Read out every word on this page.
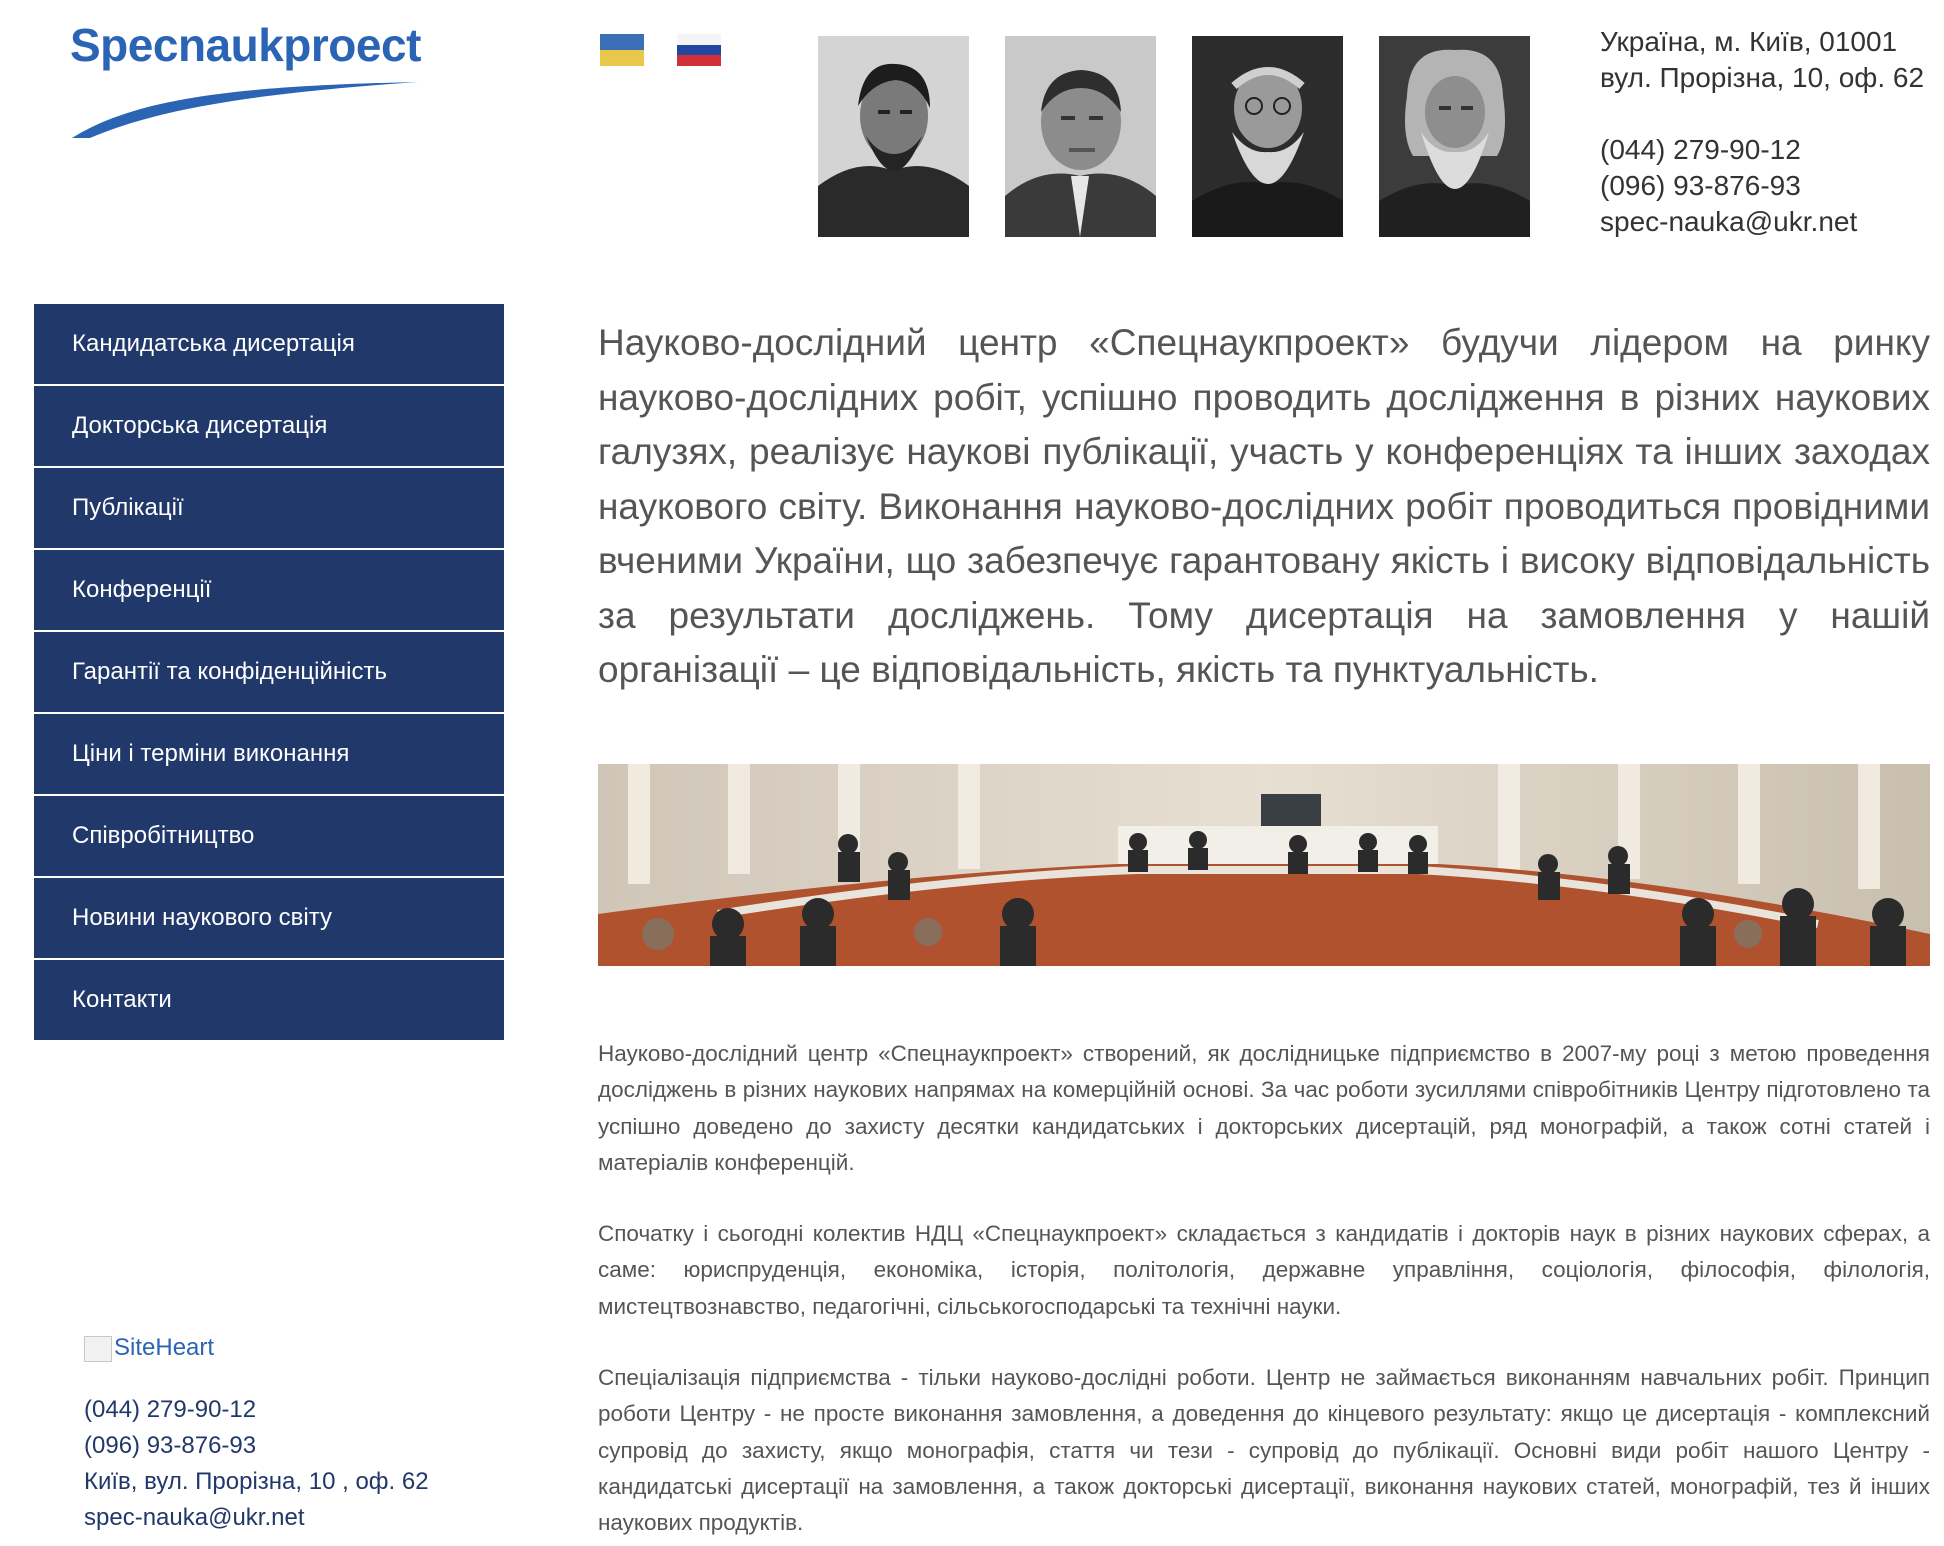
Specnaukproect	Україна, м. Київ, 01001
вул. Прорізна, 10, оф. 62
(044) 279-90-12
(096) 93-876-93
spec-nauka@ukr.net
Кандидатська дисертація
Докторська дисертація
Публікації
Конференції
Гарантії та конфіденційність
Ціни і терміни виконання
Співробітництво
Новини наукового світу
Контакти
SiteHeart
(044) 279-90-12
(096) 93-876-93
Київ, вул. Прорізна, 10 , оф. 62
spec-nauka@ukr.net

Науково-дослідний центр «Спецнаукпроект» будучи лідером на ринку науково-дослідних робіт, успішно проводить дослідження в різних наукових галузях, реалізує наукові публікації, участь у конференціях та інших заходах наукового світу. Виконання науково-дослідних робіт проводиться провідними вченими України, що забезпечує гарантовану якість і високу відповідальність за результати досліджень. Тому дисертація на замовлення у нашій організації – це відповідальність, якість та пунктуальність.

Науково-дослідний центр «Спецнаукпроект» створений, як дослідницьке підприємство в 2007-му році з метою проведення досліджень в різних наукових напрямах на комерційній основі. За час роботи зусиллями співробітників Центру підготовлено та успішно доведено до захисту десятки кандидатських і докторських дисертацій, ряд монографій, а також сотні статей і матеріалів конференцій.

Спочатку і сьогодні колектив НДЦ «Спецнаукпроект» складається з кандидатів і докторів наук в різних наукових сферах, а саме: юриспруденція, економіка, історія, політологія, державне управління, соціологія, філософія, філологія, мистецтвознавство, педагогічні, сільськогосподарські та технічні науки.

Спеціалізація підприємства - тільки науково-дослідні роботи. Центр не займається виконанням навчальних робіт. Принцип роботи Центру - не просте виконання замовлення, а доведення до кінцевого результату: якщо це дисертація - комплексний супровід до захисту, якщо монографія, стаття чи тези - супровід до публікації. Основні види робіт нашого Центру - кандидатські дисертації на замовлення, а також докторські дисертації, виконання наукових статей, монографій, тез й інших наукових продуктів.
